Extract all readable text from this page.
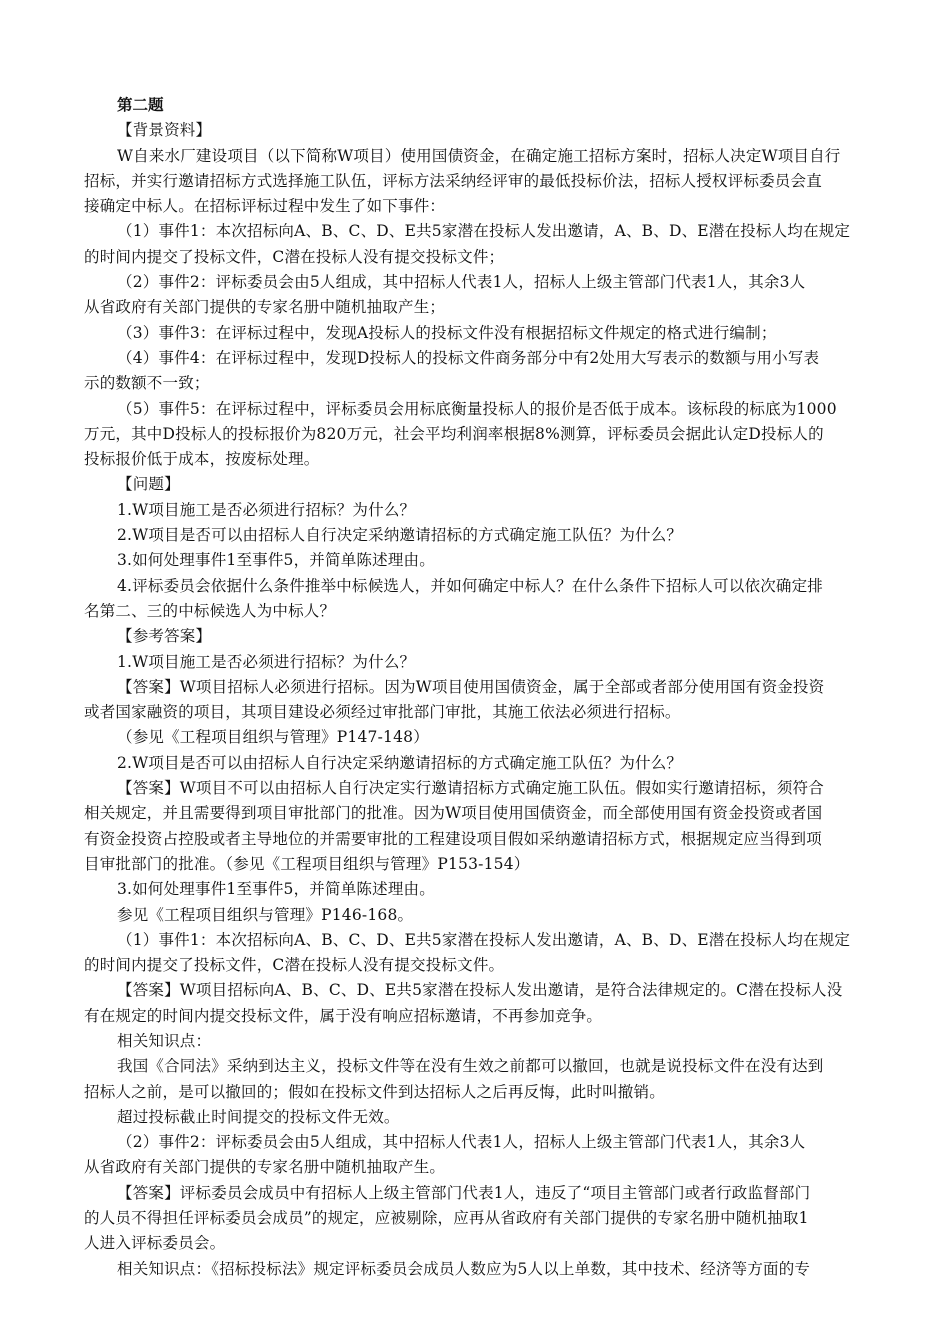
第二题
【背景资料】
W自来水厂建设项目（以下简称W项目）使用国债资金，在确定施工招标方案时，招标人决定W项目自行
招标，并实行邀请招标方式选择施工队伍，评标方法采纳经评审的最低投标价法，招标人授权评标委员会直
接确定中标人。在招标评标过程中发生了如下事件：
（1）事件1：本次招标向A、B、C、D、E共5家潜在投标人发出邀请，A、B、D、E潜在投标人均在规定
的时间内提交了投标文件，C潜在投标人没有提交投标文件；
（2）事件2：评标委员会由5人组成，其中招标人代表1人，招标人上级主管部门代表1人，其余3人
从省政府有关部门提供的专家名册中随机抽取产生；
（3）事件3：在评标过程中，发现A投标人的投标文件没有根据招标文件规定的格式进行编制；
（4）事件4：在评标过程中，发现D投标人的投标文件商务部分中有2处用大写表示的数额与用小写表
示的数额不一致；
（5）事件5：在评标过程中，评标委员会用标底衡量投标人的报价是否低于成本。该标段的标底为1000
万元，其中D投标人的投标报价为820万元，社会平均利润率根据8%测算，评标委员会据此认定D投标人的
投标报价低于成本，按废标处理。
【问题】
1.W项目施工是否必须进行招标？为什么？
2.W项目是否可以由招标人自行决定采纳邀请招标的方式确定施工队伍？为什么？
3.如何处理事件1至事件5，并简单陈述理由。
4.评标委员会依据什么条件推举中标候选人，并如何确定中标人？在什么条件下招标人可以依次确定排
名第二、三的中标候选人为中标人？
【参考答案】
1.W项目施工是否必须进行招标？为什么？
【答案】W项目招标人必须进行招标。因为W项目使用国债资金，属于全部或者部分使用国有资金投资
或者国家融资的项目，其项目建设必须经过审批部门审批，其施工依法必须进行招标。
（参见《工程项目组织与管理》P147-148）
2.W项目是否可以由招标人自行决定采纳邀请招标的方式确定施工队伍？为什么？
【答案】W项目不可以由招标人自行决定实行邀请招标方式确定施工队伍。假如实行邀请招标，须符合
相关规定，并且需要得到项目审批部门的批准。因为W项目使用国债资金，而全部使用国有资金投资或者国
有资金投资占控股或者主导地位的并需要审批的工程建设项目假如采纳邀请招标方式，根据规定应当得到项
目审批部门的批准。（参见《工程项目组织与管理》P153-154）
3.如何处理事件1至事件5，并简单陈述理由。
参见《工程项目组织与管理》P146-168。
（1）事件1：本次招标向A、B、C、D、E共5家潜在投标人发出邀请，A、B、D、E潜在投标人均在规定
的时间内提交了投标文件，C潜在投标人没有提交投标文件。
【答案】W项目招标向A、B、C、D、E共5家潜在投标人发出邀请，是符合法律规定的。C潜在投标人没
有在规定的时间内提交投标文件，属于没有响应招标邀请，不再参加竞争。
相关知识点：
我国《合同法》采纳到达主义，投标文件等在没有生效之前都可以撤回，也就是说投标文件在没有达到
招标人之前，是可以撤回的；假如在投标文件到达招标人之后再反悔，此时叫撤销。
超过投标截止时间提交的投标文件无效。
（2）事件2：评标委员会由5人组成，其中招标人代表1人，招标人上级主管部门代表1人，其余3人
从省政府有关部门提供的专家名册中随机抽取产生。
【答案】评标委员会成员中有招标人上级主管部门代表1人，违反了“项目主管部门或者行政监督部门
的人员不得担任评标委员会成员”的规定，应被剔除，应再从省政府有关部门提供的专家名册中随机抽取1
人进入评标委员会。
相关知识点：《招标投标法》规定评标委员会成员人数应为5人以上单数，其中技术、经济等方面的专
